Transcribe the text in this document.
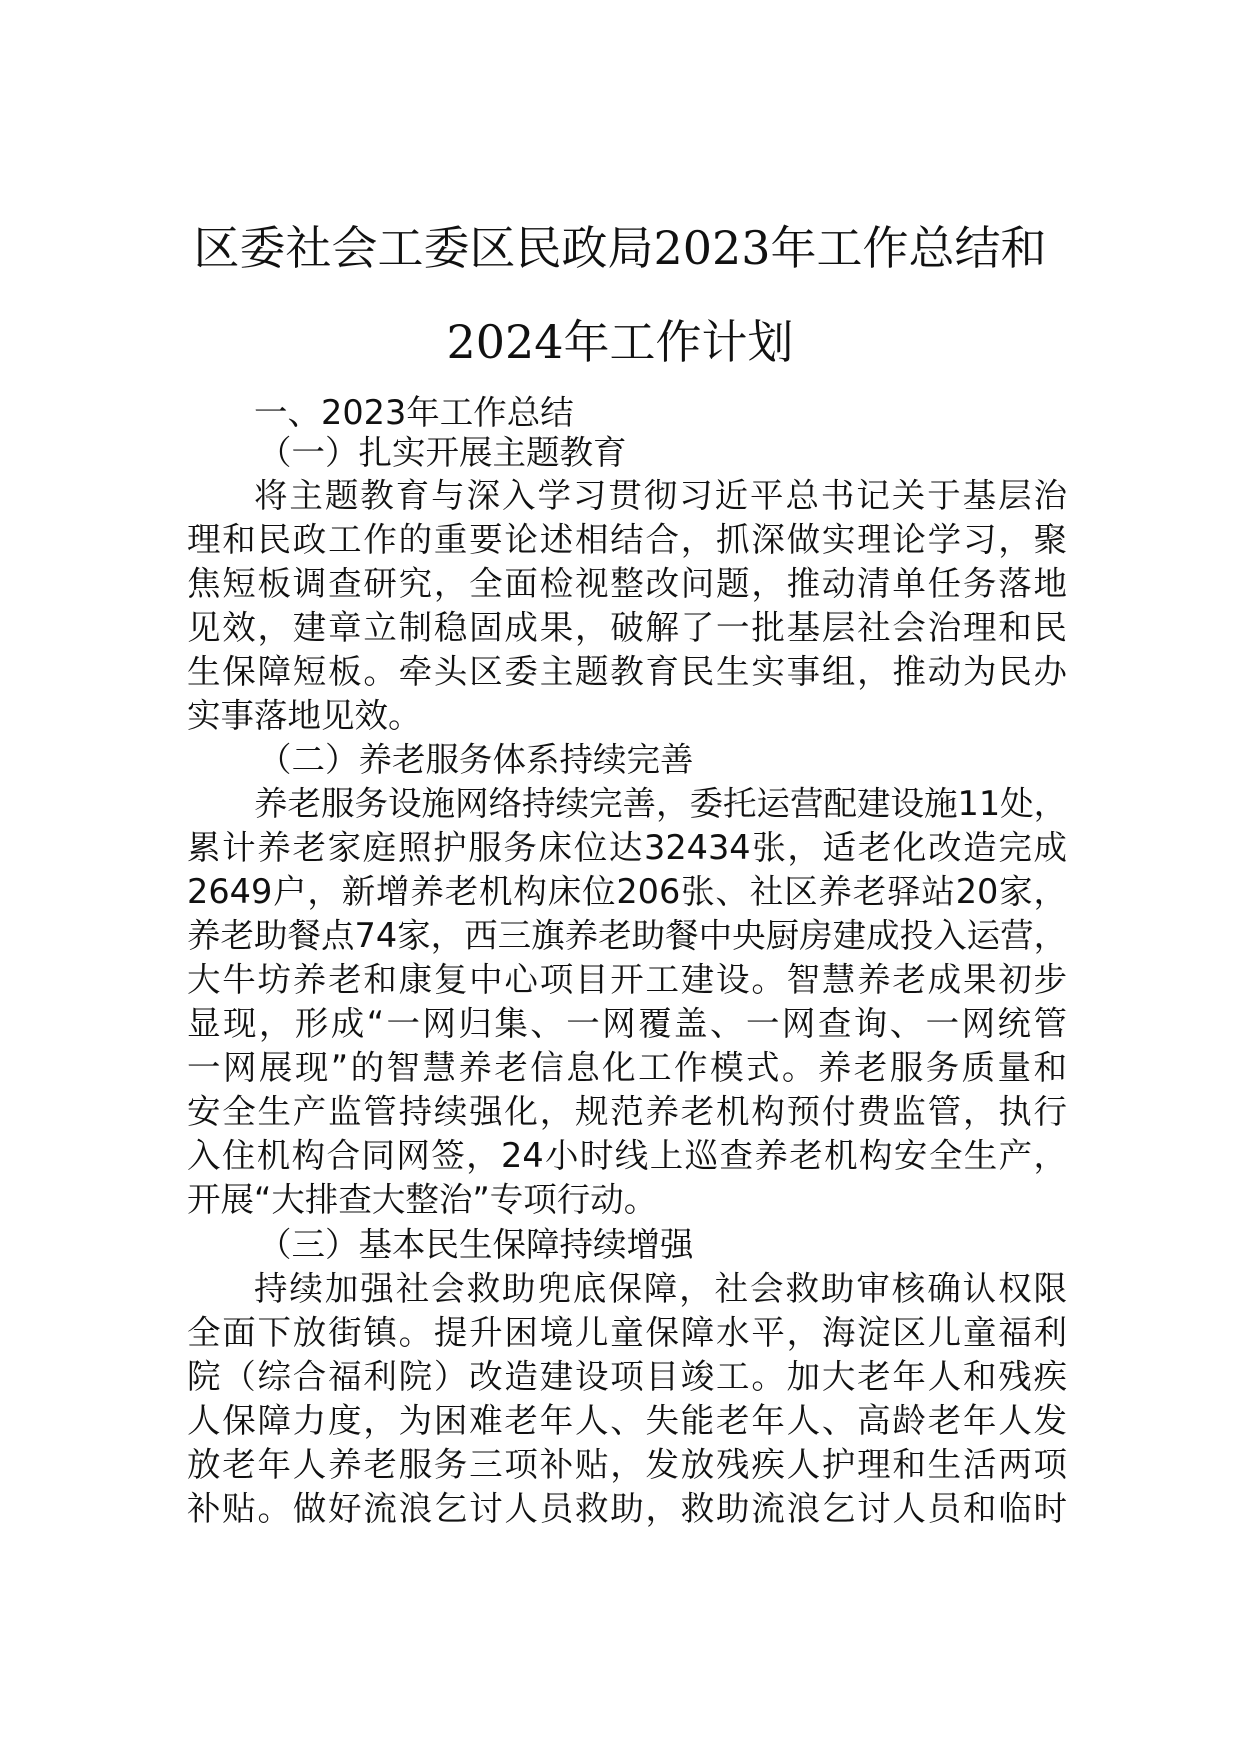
区委社会工委区民政局2023年工作总结和
2024年工作计划
一、2023年工作总结
（一）扎实开展主题教育
将主题教育与深入学习贯彻习近平总书记关于基层治
理和民政工作的重要论述相结合，抓深做实理论学习，聚
焦短板调查研究，全面检视整改问题，推动清单任务落地
见效，建章立制稳固成果，破解了一批基层社会治理和民
生保障短板。牵头区委主题教育民生实事组，推动为民办
实事落地见效。
（二）养老服务体系持续完善
养老服务设施网络持续完善，委托运营配建设施11处，
累计养老家庭照护服务床位达32434张，适老化改造完成
2649户，新增养老机构床位206张、社区养老驿站20家，
养老助餐点74家，西三旗养老助餐中央厨房建成投入运营，
大牛坊养老和康复中心项目开工建设。智慧养老成果初步
显现，形成“一网归集、一网覆盖、一网查询、一网统管
一网展现”的智慧养老信息化工作模式。养老服务质量和
安全生产监管持续强化，规范养老机构预付费监管，执行
入住机构合同网签，24小时线上巡查养老机构安全生产，
开展“大排查大整治”专项行动。
（三）基本民生保障持续增强
持续加强社会救助兜底保障，社会救助审核确认权限
全面下放街镇。提升困境儿童保障水平，海淀区儿童福利
院（综合福利院）改造建设项目竣工。加大老年人和残疾
人保障力度，为困难老年人、失能老年人、高龄老年人发
放老年人养老服务三项补贴，发放残疾人护理和生活两项
补贴。做好流浪乞讨人员救助，救助流浪乞讨人员和临时
